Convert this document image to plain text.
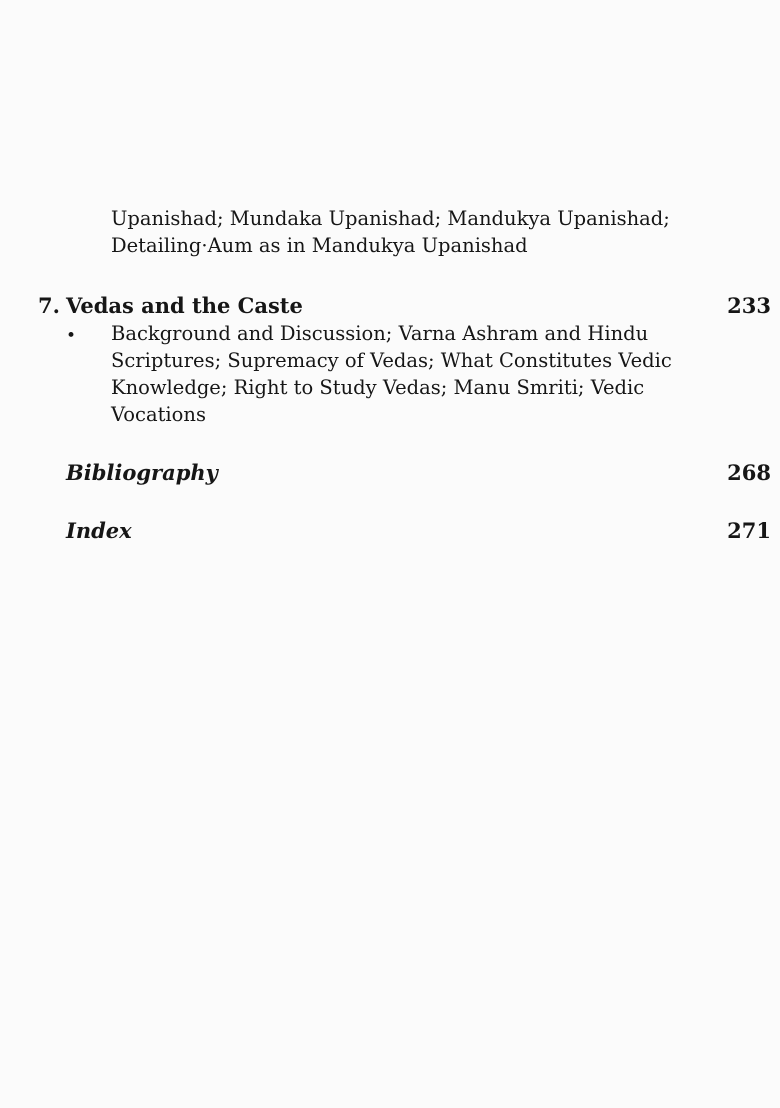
Upanishad; Mundaka Upanishad; Mandukya Upanishad;
Detailing·Aum as in Mandukya Upanishad

7. Vedas and the Caste	233
• Background and Discussion; Varna Ashram and Hindu
Scriptures; Supremacy of Vedas; What Constitutes Vedic
Knowledge; Right to Study Vedas; Manu Smriti; Vedic
Vocations

Bibliography	268
Index	271
